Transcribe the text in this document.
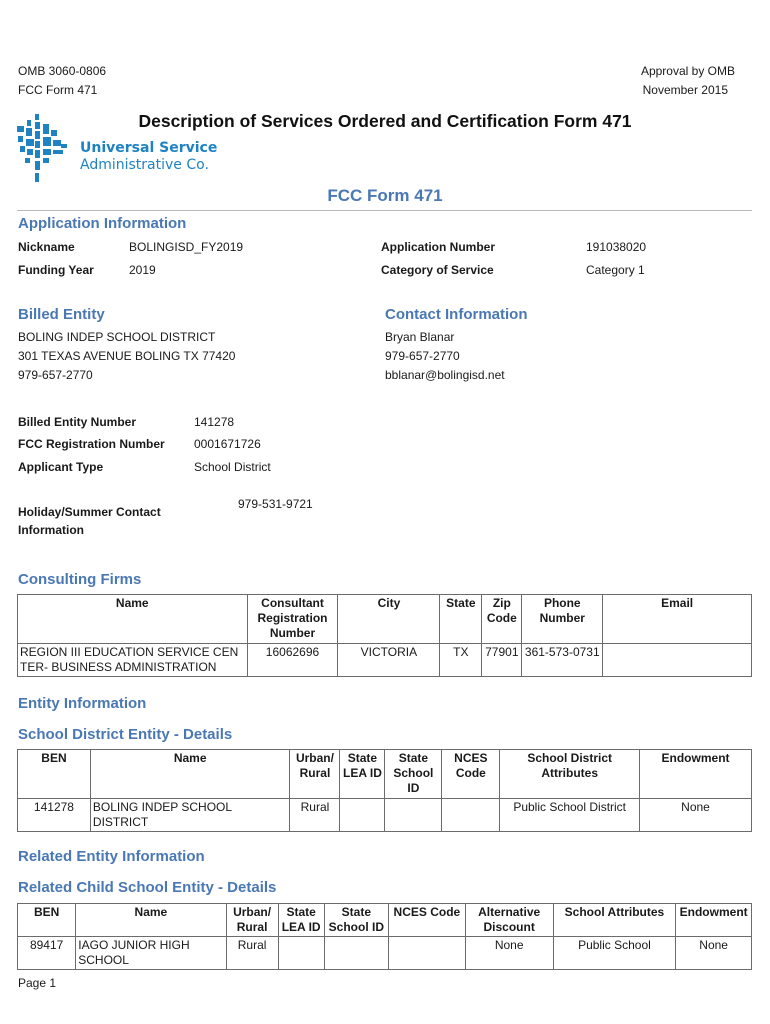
OMB 3060-0806
FCC Form 471
Approval by OMB
November 2015
Description of Services Ordered and Certification Form 471
Universal Service
Administrative Co.
FCC Form 471
Application Information
Nickname	BOLINGISD_FY2019	Application Number	191038020
Funding Year	2019	Category of Service	Category 1
Billed Entity
BOLING INDEP SCHOOL DISTRICT
301 TEXAS AVENUE BOLING TX 77420
979-657-2770
Contact Information
Bryan Blanar
979-657-2770
bblanar@bolingisd.net
Billed Entity Number	141278
FCC Registration Number 0001671726
Applicant Type	School District
Holiday/Summer Contact
Information
979-531-9721
Consulting Firms
Name	Consultant Registration Number	City	State	Zip Code	Phone Number	Email
REGION III EDUCATION SERVICE CENTER- BUSINESS ADMINISTRATION	16062696	VICTORIA	TX	77901	361-573-0731	
Entity Information
School District Entity - Details
BEN	Name	Urban/ Rural	State LEA ID	State School ID	NCES Code	School District Attributes	Endowment
141278	BOLING INDEP SCHOOL DISTRICT	Rural				Public School District	None
Related Entity Information
Related Child School Entity - Details
BEN	Name	Urban/ Rural	State LEA ID	State School ID	NCES Code	Alternative Discount	School Attributes	Endowment
89417	IAGO JUNIOR HIGH SCHOOL	Rural				None	Public School	None
Page 1
